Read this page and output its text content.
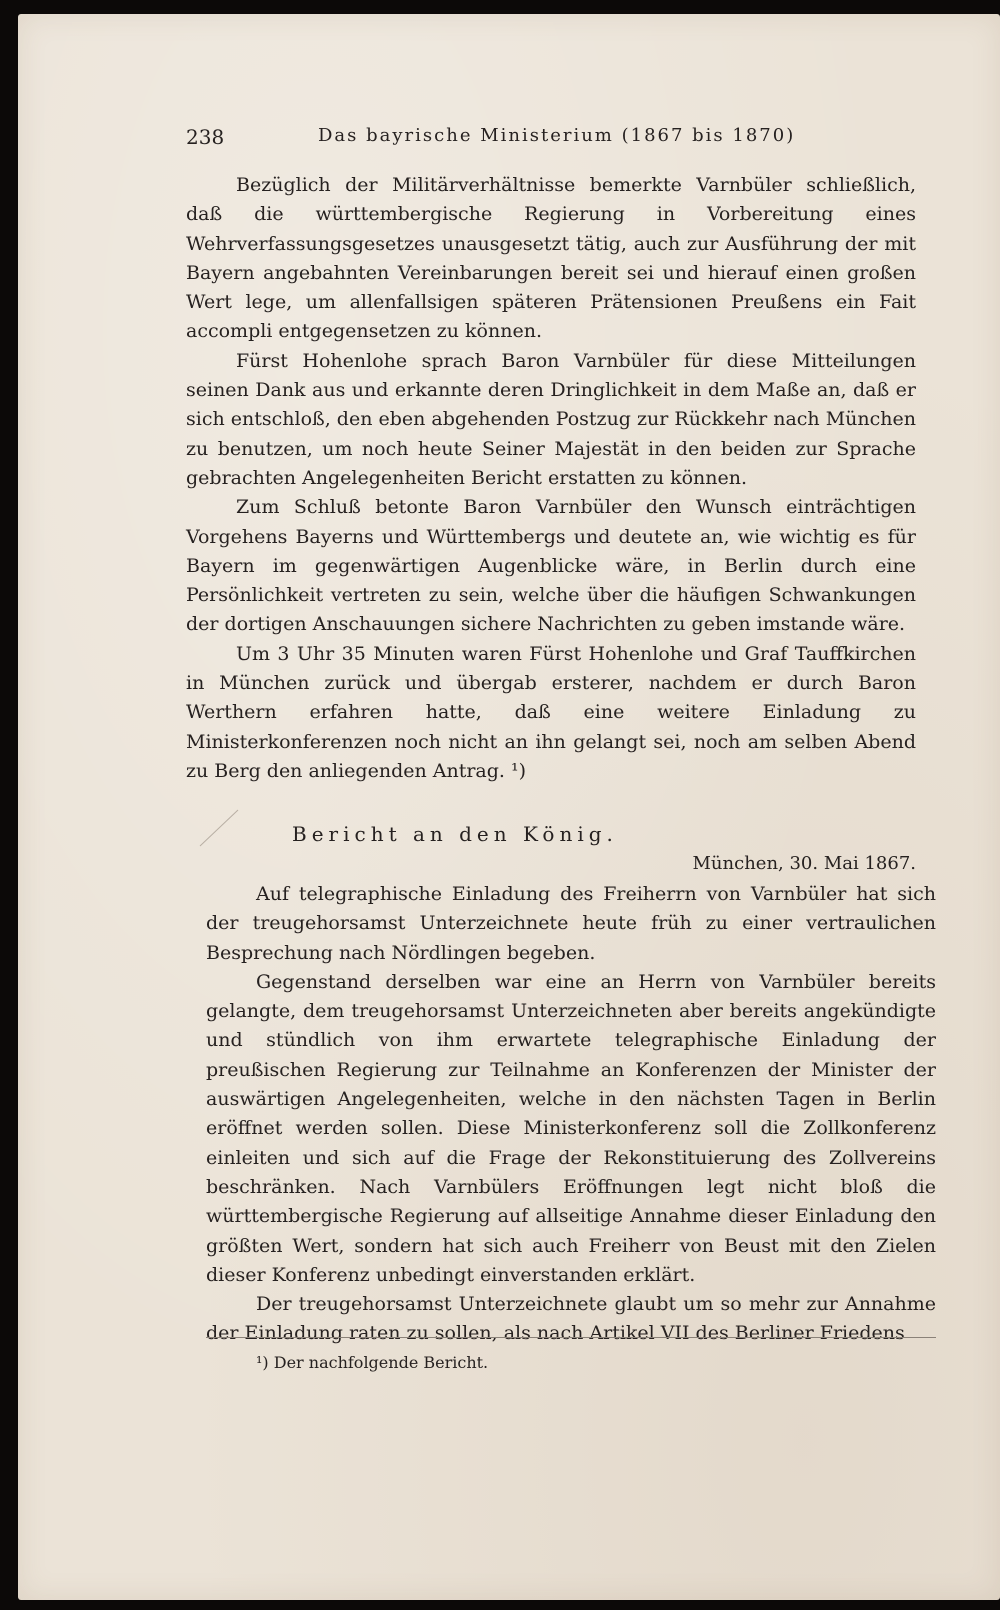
238	Das bayrische Ministerium (1867 bis 1870)

Bezüglich der Militärverhältnisse bemerkte Varnbüler schließlich, daß die württembergische Regierung in Vorbereitung eines Wehrverfassungsgesetzes unausgesetzt tätig, auch zur Ausführung der mit Bayern angebahnten Vereinbarungen bereit sei und hierauf einen großen Wert lege, um allenfallsigen späteren Prätensionen Preußens ein Fait accompli entgegensetzen zu können.

Fürst Hohenlohe sprach Baron Varnbüler für diese Mitteilungen seinen Dank aus und erkannte deren Dringlichkeit in dem Maße an, daß er sich entschloß, den eben abgehenden Postzug zur Rückkehr nach München zu benutzen, um noch heute Seiner Majestät in den beiden zur Sprache gebrachten Angelegenheiten Bericht erstatten zu können.

Zum Schluß betonte Baron Varnbüler den Wunsch einträchtigen Vorgehens Bayerns und Württembergs und deutete an, wie wichtig es für Bayern im gegenwärtigen Augenblicke wäre, in Berlin durch eine Persönlichkeit vertreten zu sein, welche über die häufigen Schwankungen der dortigen Anschauungen sichere Nachrichten zu geben imstande wäre.

Um 3 Uhr 35 Minuten waren Fürst Hohenlohe und Graf Tauffkirchen in München zurück und übergab ersterer, nachdem er durch Baron Werthern erfahren hatte, daß eine weitere Einladung zu Ministerkonferenzen noch nicht an ihn gelangt sei, noch am selben Abend zu Berg den anliegenden Antrag. ¹)

Bericht an den König.
München, 30. Mai 1867.

Auf telegraphische Einladung des Freiherrn von Varnbüler hat sich der treugehorsamst Unterzeichnete heute früh zu einer vertraulichen Besprechung nach Nördlingen begeben.

Gegenstand derselben war eine an Herrn von Varnbüler bereits gelangte, dem treugehorsamst Unterzeichneten aber bereits angekündigte und stündlich von ihm erwartete telegraphische Einladung der preußischen Regierung zur Teilnahme an Konferenzen der Minister der auswärtigen Angelegenheiten, welche in den nächsten Tagen in Berlin eröffnet werden sollen. Diese Ministerkonferenz soll die Zollkonferenz einleiten und sich auf die Frage der Rekonstituierung des Zollvereins beschränken. Nach Varnbülers Eröffnungen legt nicht bloß die württembergische Regierung auf allseitige Annahme dieser Einladung den größten Wert, sondern hat sich auch Freiherr von Beust mit den Zielen dieser Konferenz unbedingt einverstanden erklärt.

Der treugehorsamst Unterzeichnete glaubt um so mehr zur Annahme der Einladung raten zu sollen, als nach Artikel VII des Berliner Friedens

¹) Der nachfolgende Bericht.
